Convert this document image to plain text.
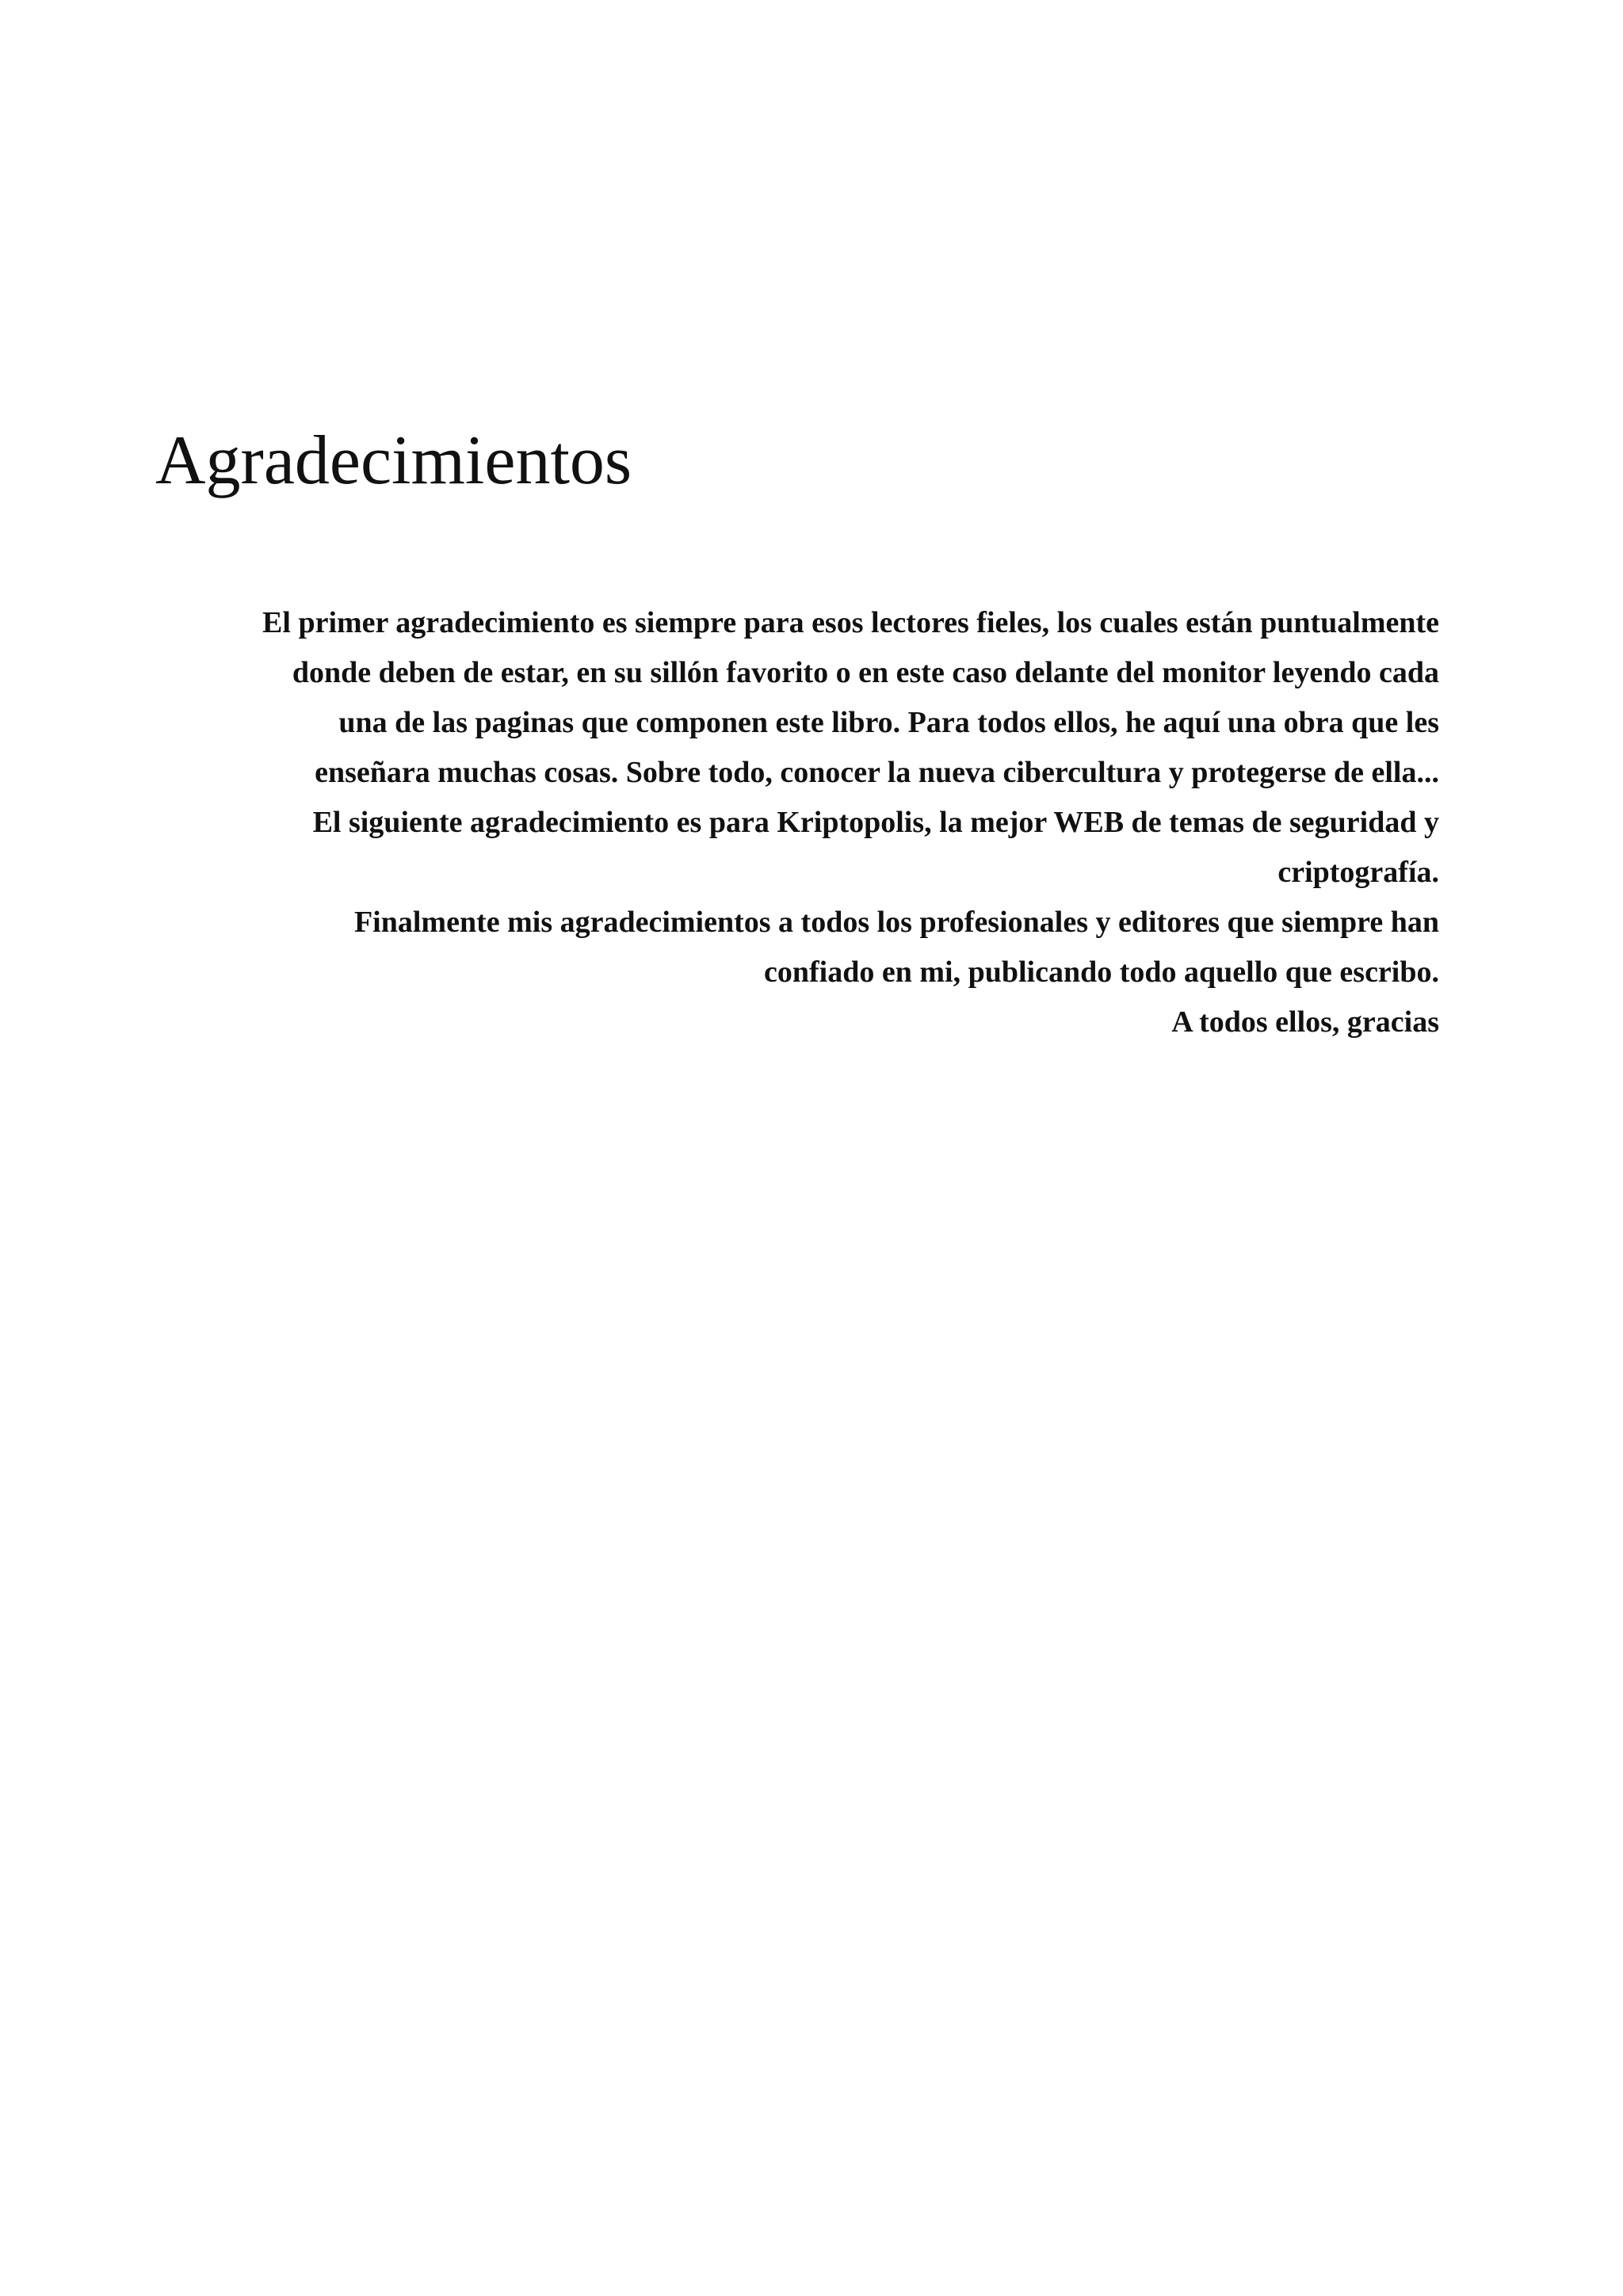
Agradecimientos
El primer agradecimiento es siempre para esos lectores fieles, los cuales están puntualmente
donde deben de estar, en su sillón favorito o en este caso delante del monitor leyendo cada
una de las paginas que componen este libro. Para todos ellos, he aquí una obra que les
enseñara muchas cosas. Sobre todo, conocer la nueva cibercultura y protegerse de ella...
El siguiente agradecimiento es para Kriptopolis, la mejor WEB de temas de seguridad y
criptografía.
Finalmente mis agradecimientos a todos los profesionales y editores que siempre han
confiado en mi, publicando todo aquello que escribo.
A todos ellos, gracias
